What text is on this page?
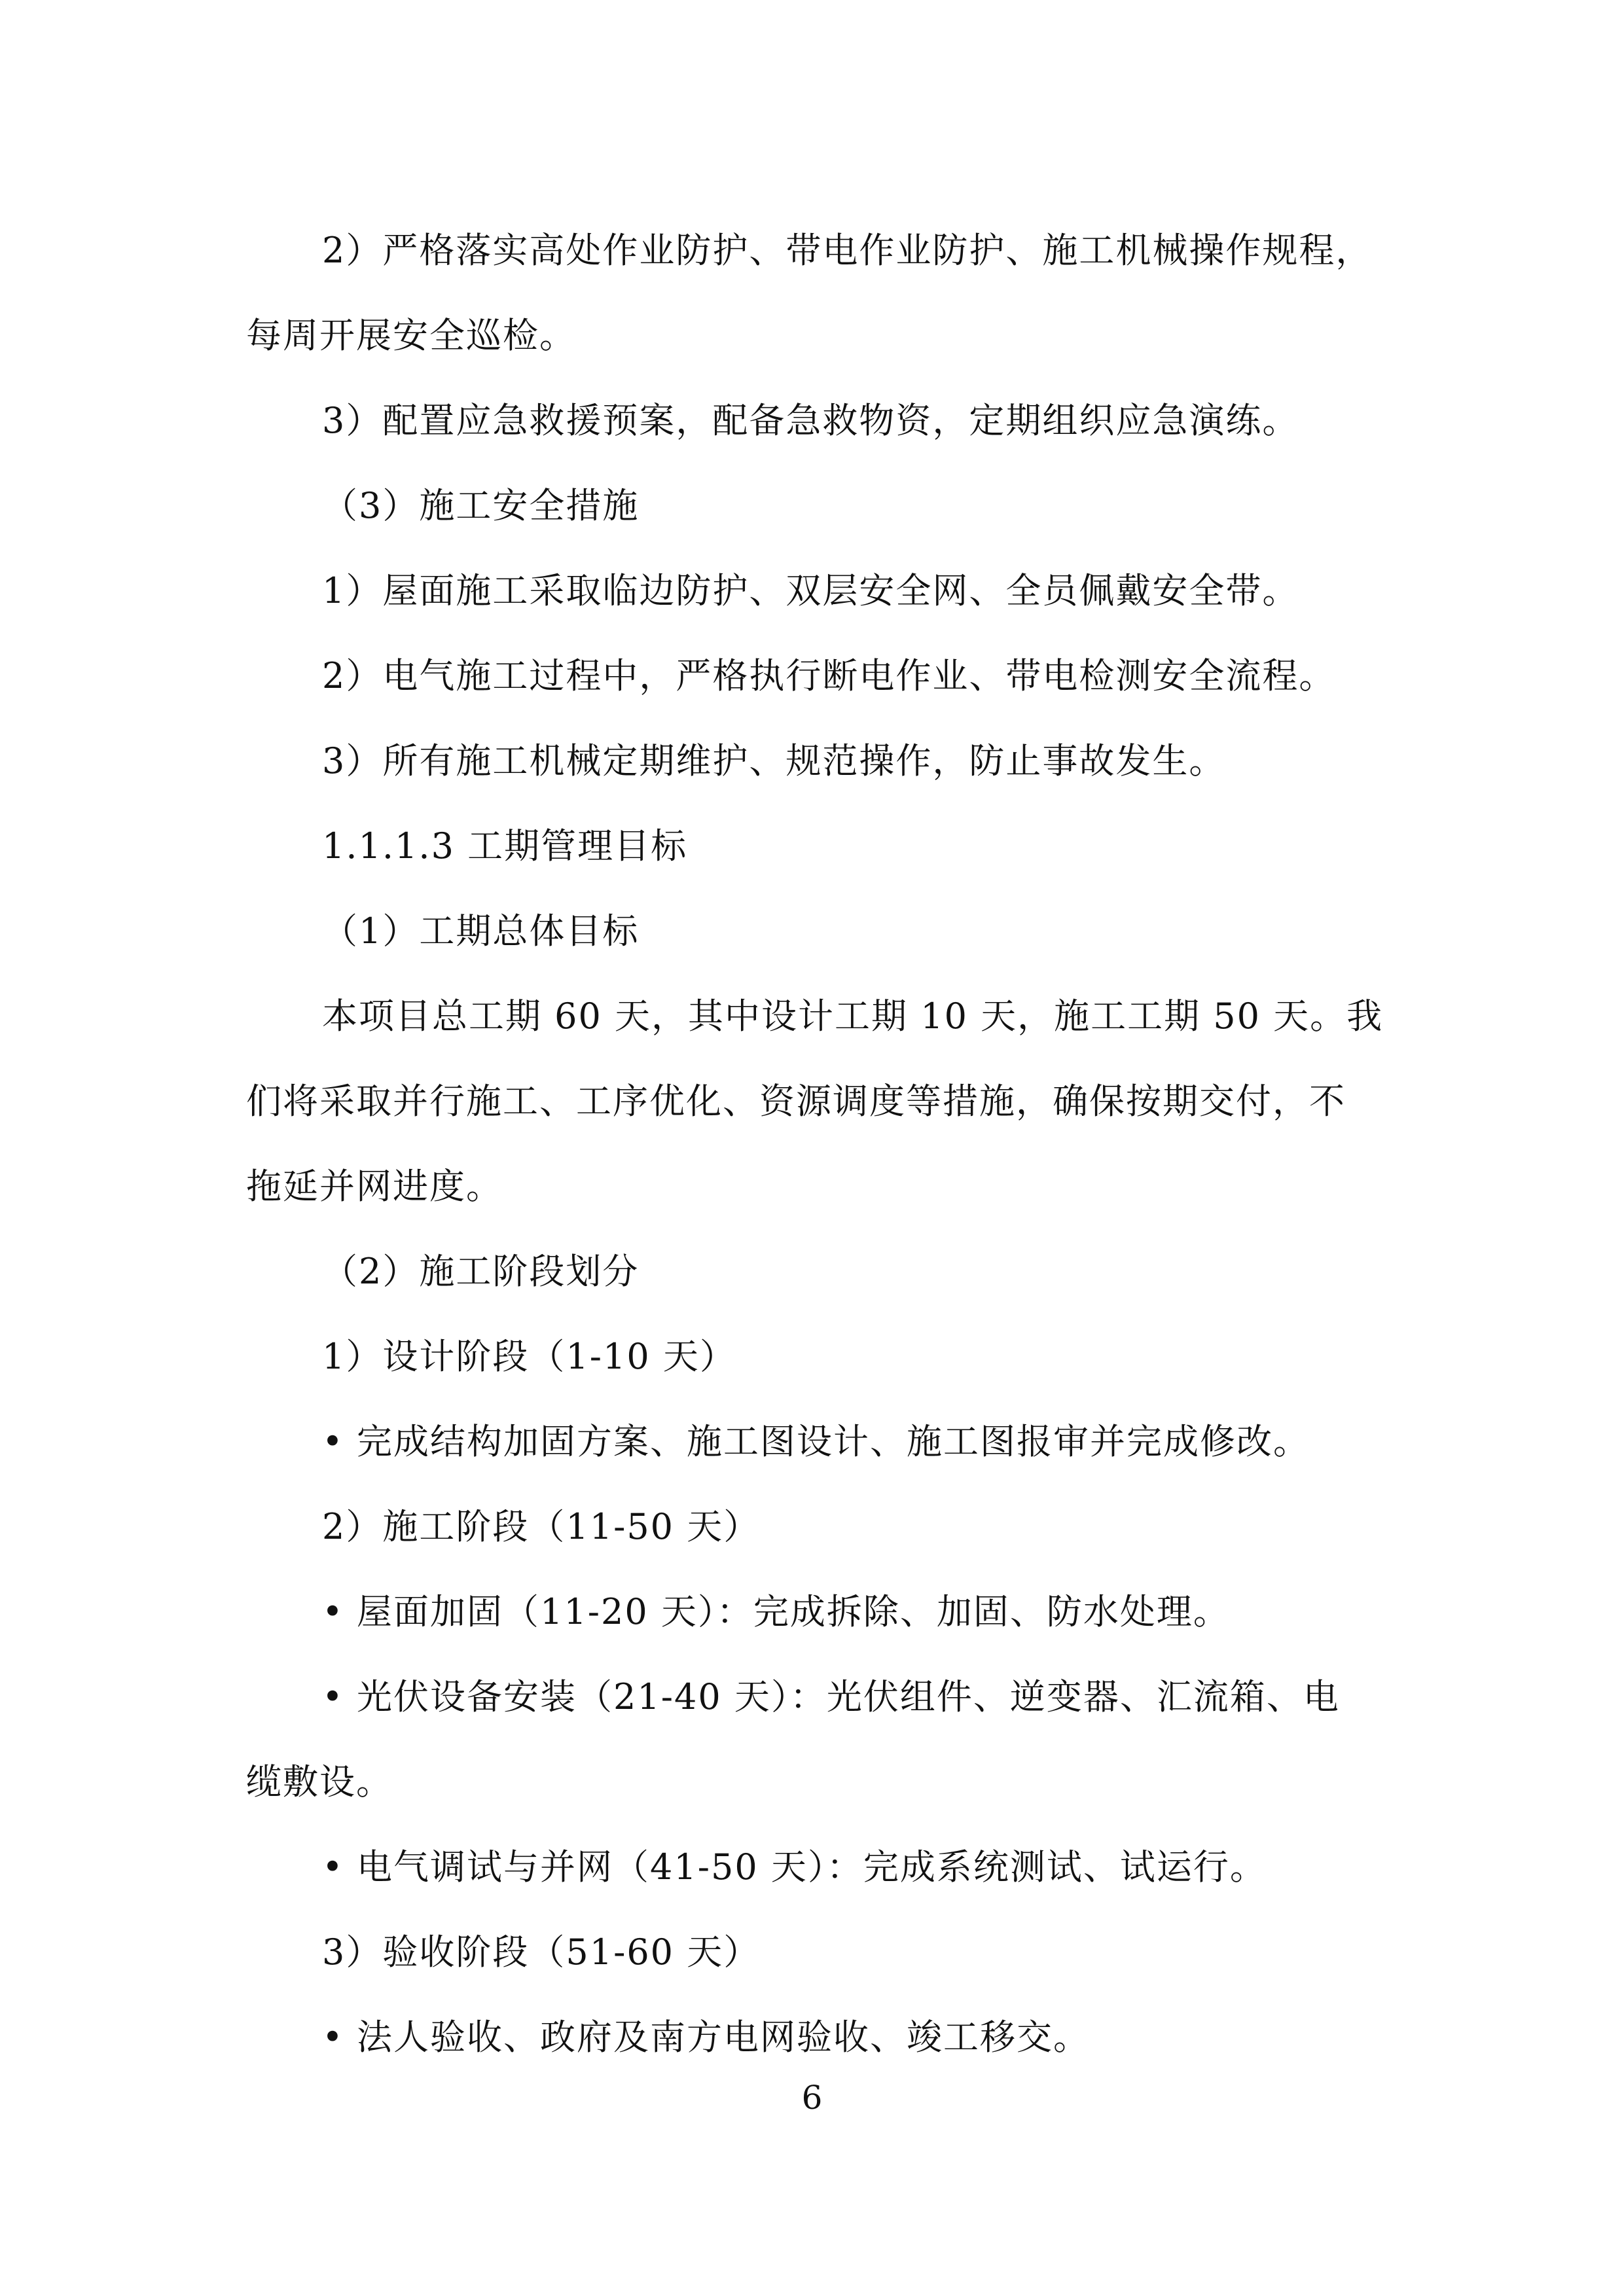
2）严格落实高处作业防护、带电作业防护、施工机械操作规程，
每周开展安全巡检。
3）配置应急救援预案，配备急救物资，定期组织应急演练。
（3）施工安全措施
1）屋面施工采取临边防护、双层安全网、全员佩戴安全带。
2）电气施工过程中，严格执行断电作业、带电检测安全流程。
3）所有施工机械定期维护、规范操作，防止事故发生。
1.1.1.3 工期管理目标
（1）工期总体目标
本项目总工期 60 天，其中设计工期 10 天，施工工期 50 天。我
们将采取并行施工、工序优化、资源调度等措施，确保按期交付，不
拖延并网进度。
（2）施工阶段划分
1）设计阶段（1-10 天）
• 完成结构加固方案、施工图设计、施工图报审并完成修改。
2）施工阶段（11-50 天）
• 屋面加固（11-20 天）：完成拆除、加固、防水处理。
• 光伏设备安装（21-40 天）：光伏组件、逆变器、汇流箱、电
缆敷设。
• 电气调试与并网（41-50 天）：完成系统测试、试运行。
3）验收阶段（51-60 天）
• 法人验收、政府及南方电网验收、竣工移交。
6
